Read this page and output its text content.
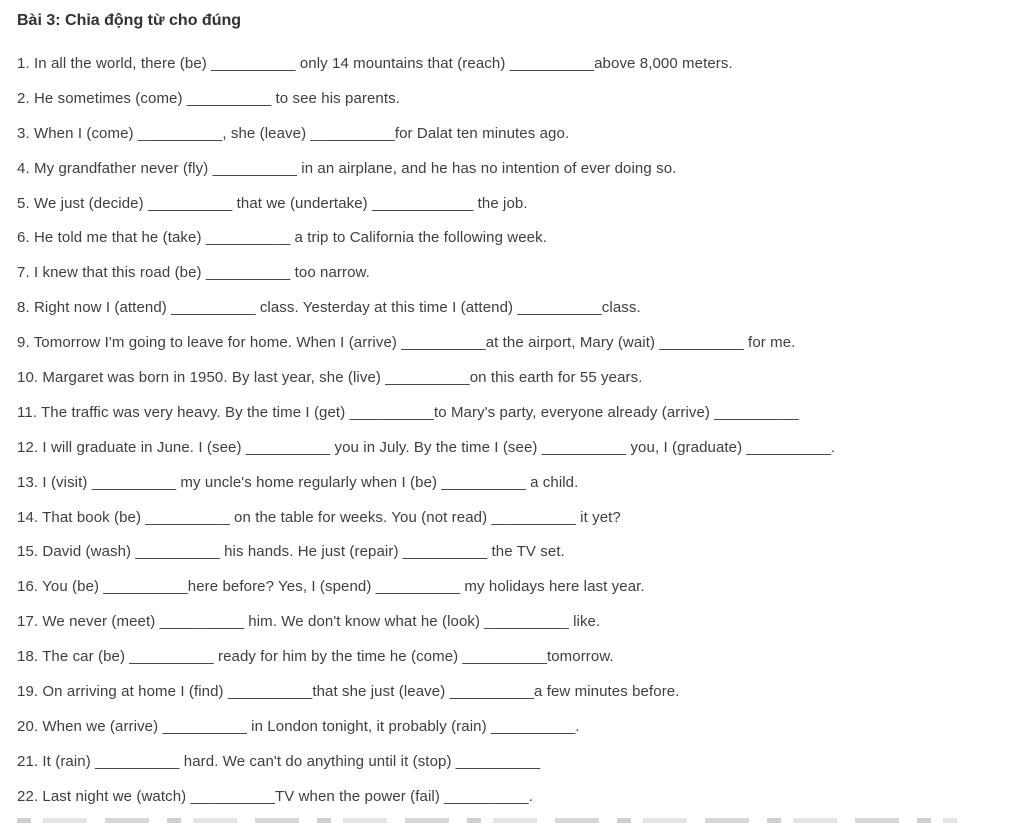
Bài 3: Chia động từ cho đúng
1. In all the world, there (be) __________ only 14 mountains that (reach) __________above 8,000 meters.
2. He sometimes (come) __________ to see his parents.
3. When I (come) __________, she (leave) __________for Dalat ten minutes ago.
4. My grandfather never (fly) __________ in an airplane, and he has no intention of ever doing so.
5. We just (decide) __________ that we (undertake) ____________ the job.
6. He told me that he (take) __________ a trip to California the following week.
7. I knew that this road (be) __________ too narrow.
8. Right now I (attend) __________ class. Yesterday at this time I (attend) __________class.
9. Tomorrow I'm going to leave for home. When I (arrive) __________at the airport, Mary (wait) __________ for me.
10. Margaret was born in 1950. By last year, she (live) __________on this earth for 55 years.
11. The traffic was very heavy. By the time I (get) __________to Mary's party, everyone already (arrive) __________
12. I will graduate in June. I (see) __________ you in July. By the time I (see) __________ you, I (graduate) __________.
13. I (visit) __________ my uncle's home regularly when I (be) __________ a child.
14. That book (be) __________ on the table for weeks. You (not read) __________ it yet?
15. David (wash) __________ his hands. He just (repair) __________ the TV set.
16. You (be) __________here before? Yes, I (spend) __________ my holidays here last year.
17. We never (meet) __________ him. We don't know what he (look) __________ like.
18. The car (be) __________ ready for him by the time he (come) __________tomorrow.
19. On arriving at home I (find) __________that she just (leave) __________a few minutes before.
20. When we (arrive) __________ in London tonight, it probably (rain) __________.
21. It (rain) __________ hard. We can't do anything until it (stop) __________
22. Last night we (watch) __________TV when the power (fail) __________.
